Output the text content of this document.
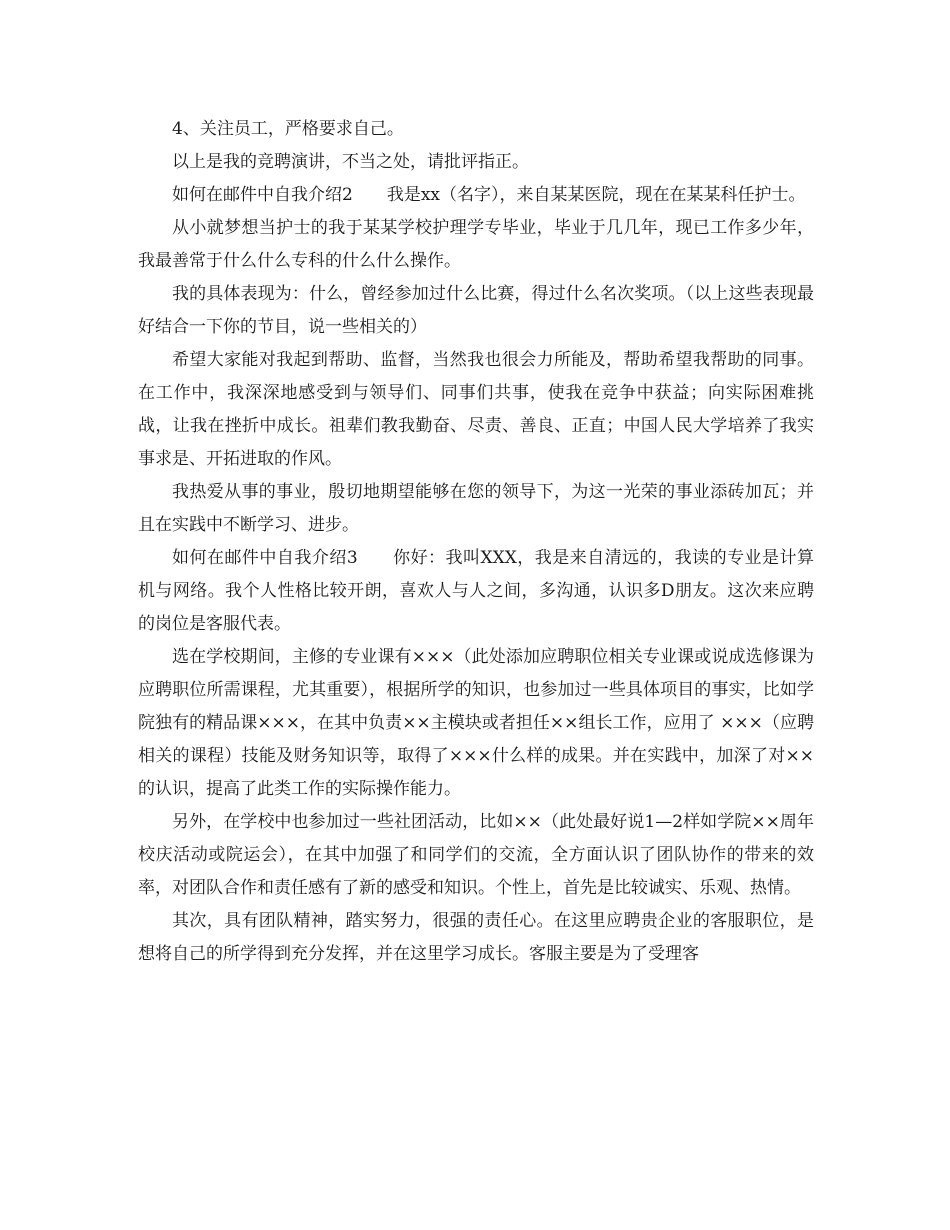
4、关注员工，严格要求自己。

以上是我的竞聘演讲，不当之处，请批评指正。

如何在邮件中自我介绍2　　我是xx（名字），来自某某医院，现在在某某科任护士。

从小就梦想当护士的我于某某学校护理学专毕业，毕业于几几年，现已工作多少年，我最善常于什么什么专科的什么什么操作。

我的具体表现为：什么，曾经参加过什么比赛，得过什么名次奖项。（以上这些表现最好结合一下你的节目，说一些相关的）

希望大家能对我起到帮助、监督，当然我也很会力所能及，帮助希望我帮助的同事。在工作中，我深深地感受到与领导们、同事们共事，使我在竞争中获益；向实际困难挑战，让我在挫折中成长。祖辈们教我勤奋、尽责、善良、正直；中国人民大学培养了我实事求是、开拓进取的作风。

我热爱从事的事业，殷切地期望能够在您的领导下，为这一光荣的事业添砖加瓦；并且在实践中不断学习、进步。

如何在邮件中自我介绍3　　你好：我叫XXX，我是来自清远的，我读的专业是计算机与网络。我个人性格比较开朗，喜欢人与人之间，多沟通，认识多D朋友。这次来应聘的岗位是客服代表。

选在学校期间，主修的专业课有×××（此处添加应聘职位相关专业课或说成选修课为应聘职位所需课程，尤其重要），根据所学的知识，也参加过一些具体项目的事实，比如学院独有的精品课×××，在其中负责××主模块或者担任××组长工作，应用了 ×××（应聘相关的课程）技能及财务知识等，取得了×××什么样的成果。并在实践中，加深了对××的认识，提高了此类工作的实际操作能力。

另外，在学校中也参加过一些社团活动，比如××（此处最好说1—2样如学院××周年校庆活动或院运会），在其中加强了和同学们的交流，全方面认识了团队协作的带来的效率，对团队合作和责任感有了新的感受和知识。个性上，首先是比较诚实、乐观、热情。

其次，具有团队精神，踏实努力，很强的责任心。在这里应聘贵企业的客服职位，是想将自己的所学得到充分发挥，并在这里学习成长。客服主要是为了受理客
